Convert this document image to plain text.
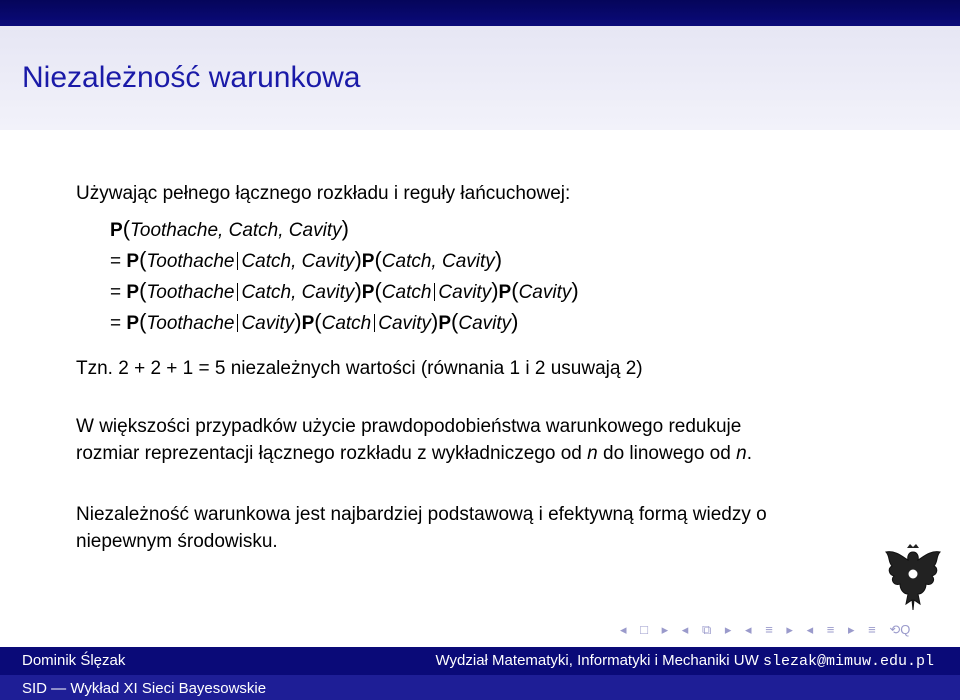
Niezależność warunkowa
Używając pełnego łącznego rozkładu i reguły łańcuchowej:
P(Toothache, Catch, Cavity)
= P(Toothache Catch, Cavity)P(Catch, Cavity)
= P(Toothache Catch, Cavity)P(Catch Cavity)P(Cavity)
= P(Toothache Cavity)P(Catch Cavity)P(Cavity)
Tzn. 2 + 2 + 1 = 5 niezależnych wartości (równania 1 i 2 usuwają 2)
W większości przypadków użycie prawdopodobieństwa warunkowego redukuje
rozmiar reprezentacji łącznego rozkładu z wykładniczego od n do linowego od n.
Niezależność warunkowa jest najbardziej podstawową i efektywną formą wiedzy o
niepewnym środowisku.
◂ □ ▸ ◂ ⧉ ▸ ◂ ≡ ▸ ◂ ≡ ▸ ≡ ⟲Q
Dominik Ślęzak	Wydział Matematyki, Informatyki i Mechaniki UW slezak@mimuw.edu.pl
SID — Wykład XI Sieci Bayesowskie
